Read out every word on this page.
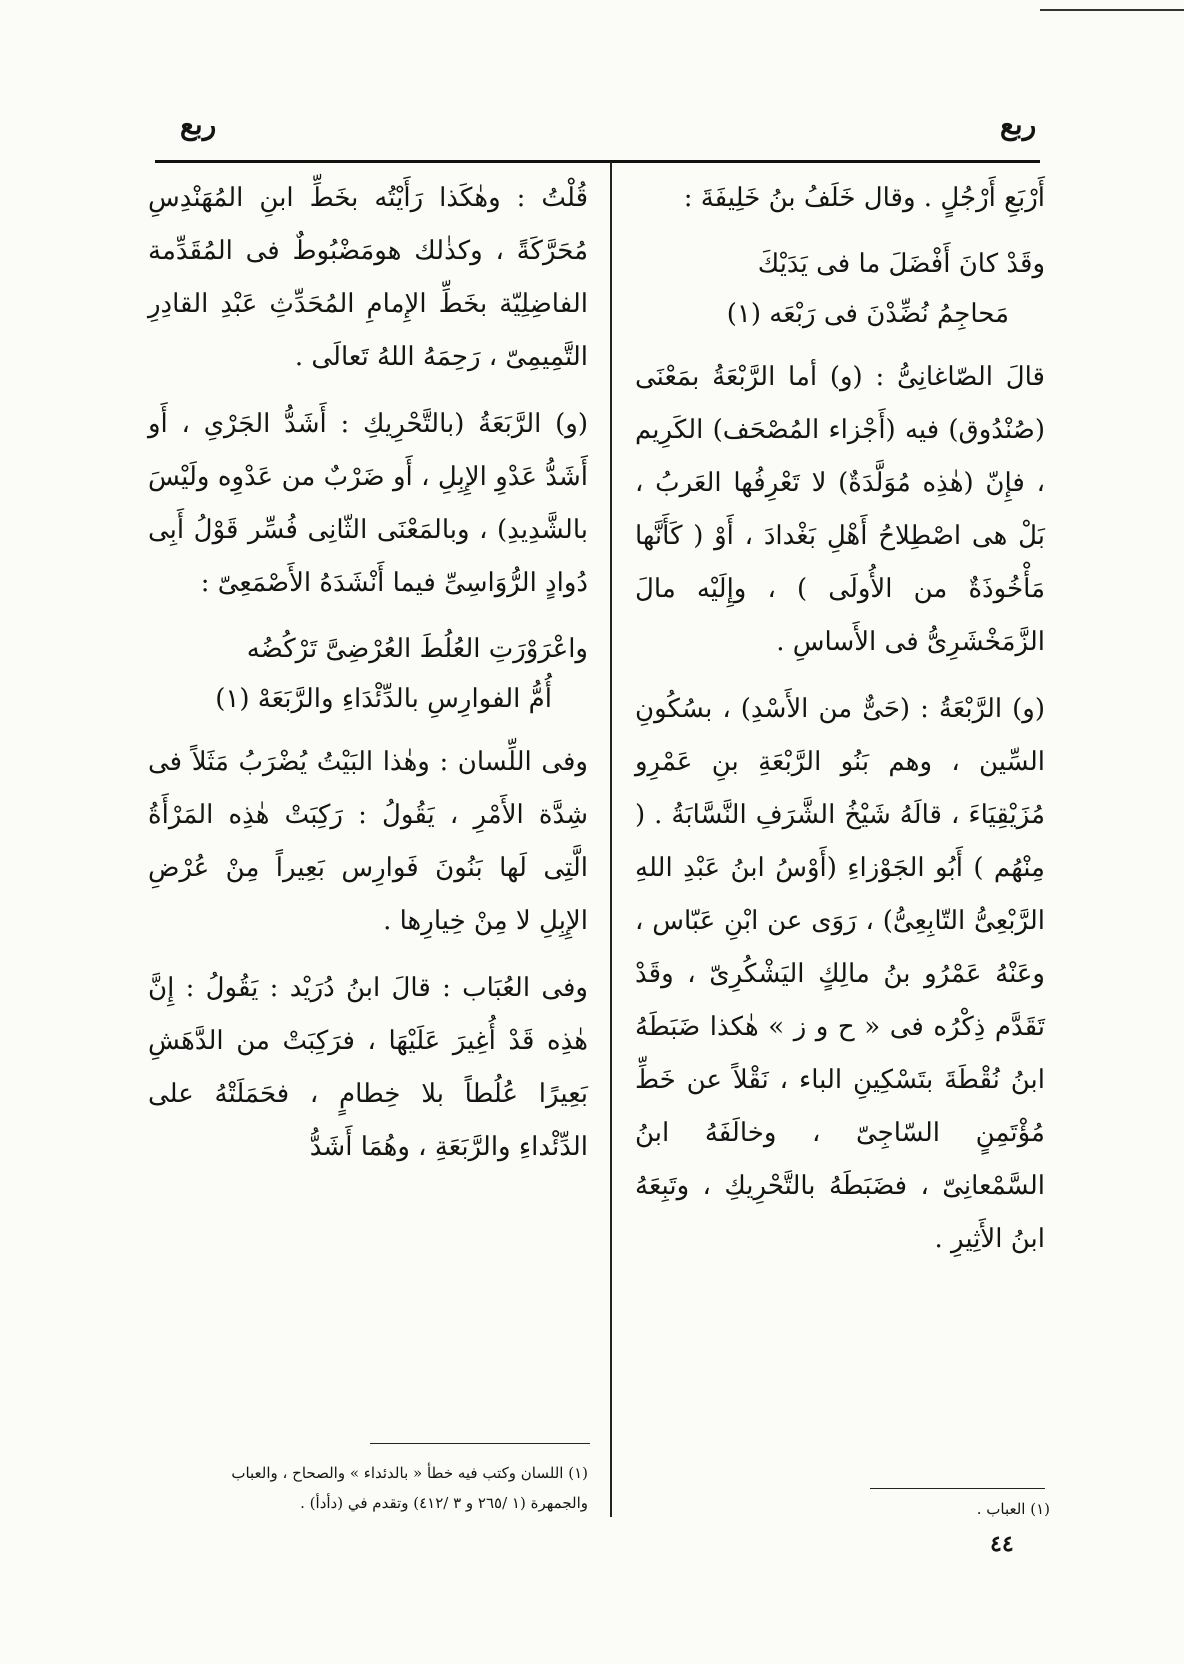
ربع
ربع

أَرْبَعِ أَرْجُلٍ . وقال خَلَفُ بنُ خَلِيفَةَ :

وقَدْ كانَ أَفْضَلَ ما فى يَدَيْكَ
مَحاجِمُ نُضِّدْنَ فى رَبْعَه (١)

قالَ الصّاغانِىُّ : (و) أما الرَّبْعَةُ بمَعْنَى (صُنْدُوق) فيه (أَجْزاء المُصْحَف) الكَرِيم ، فإِنّ (هٰذِه مُوَلَّدَةٌ) لا تَعْرِفُها العَربُ ، بَلْ هى اصْطِلاحُ أَهْلِ بَغْدادَ ، أَوْ ( كَأَنَّها مَأْخُوذَةٌ من الأُولَى ) ، وإِلَيْه مالَ الزَّمَخْشَرِىُّ فى الأَساسِ .

(و) الرَّبْعَةُ : (حَىٌّ من الأَسْدِ) ، بسُكُونِ السِّين ، وهم بَنُو الرَّبْعَةِ بنِ عَمْرِو مُزَيْقِيَاءَ ، قالَهُ شَيْخُ الشَّرَفِ النَّسَّابَةُ . ( مِنْهُم ) أَبُو الجَوْزاءِ (أَوْسُ ابنُ عَبْدِ اللهِ الرَّبْعِىُّ التّابِعِىُّ) ، رَوَى عن ابْنِ عَبّاس ، وعَنْهُ عَمْرُو بنُ مالِكٍ اليَشْكُرِىّ ، وقَدْ تَقَدَّم ذِكْرُه فى « ح و ز » هٰكذا ضَبَطَهُ ابنُ نُقْطَةَ بتَسْكِينِ الباء ، نَقْلاً عن خَطِّ مُؤْتَمِنٍ السّاجِىّ ، وخالَفَهُ ابنُ السَّمْعانِىّ ، فضَبَطَهُ بالتَّحْرِيكِ ، وتَبِعَهُ ابنُ الأَثِيرِ .

قُلْتُ : وهٰكَذا رَأَيْتُه بخَطِّ ابنِ المُهَنْدِسِ مُحَرَّكَةً ، وكذٰلك هومَضْبُوطٌ فى المُقَدِّمة الفاضِلِيّة بخَطِّ الإِمامِ المُحَدِّثِ عَبْدِ القادِرِ التَّمِيمِىّ ، رَحِمَهُ اللهُ تَعالَى .

(و) الرَّبَعَةُ (بالتَّحْرِيكِ : أَشَدُّ الجَرْىِ ، أَو أَشَدُّ عَدْوِ الإِبِلِ ، أَو ضَرْبٌ من عَدْوِه ولَيْسَ بالشَّدِيدِ) ، وبالمَعْنَى الثّانِى فُسِّر قَوْلُ أَبِى دُوادٍ الرُّوَاسِىِّ فيما أَنْشَدَهُ الأَصْمَعِىّ :

واعْرَوْرَتِ العُلُطَ العُرْضِىَّ تَرْكُضُه
أُمُّ الفوارِسِ بالدِّئْدَاءِ والرَّبَعَهْ (١)

وفى اللِّسان : وهٰذا البَيْتُ يُضْرَبُ مَثَلاً فى شِدَّة الأَمْرِ ، يَقُولُ : رَكِبَتْ هٰذِه المَرْأَةُ الَّتِى لَها بَنُونَ فَوارِس بَعِيراً مِنْ عُرْضِ الإِبِلِ لا مِنْ خِيارِها .

وفى العُبَاب : قالَ ابنُ دُرَيْد : يَقُولُ : إِنَّ هٰذِه قَدْ أُغِيرَ عَلَيْهَا ، فرَكِبَتْ من الدَّهَشِ بَعِيرًا عُلُطاً بلا خِطامٍ ، فحَمَلَتْهُ على الدِّئْداءِ والرَّبَعَةِ ، وهُمَا أَشَدُّ

(١) العباب .
(١) اللسان وكتب فيه خطأ « بالدئداء » والصحاح ، والعباب
والجمهرة (١ /٢٦٥ و ٣ /٤١٢) وتقدم في (دأدأ) .
٤٤
